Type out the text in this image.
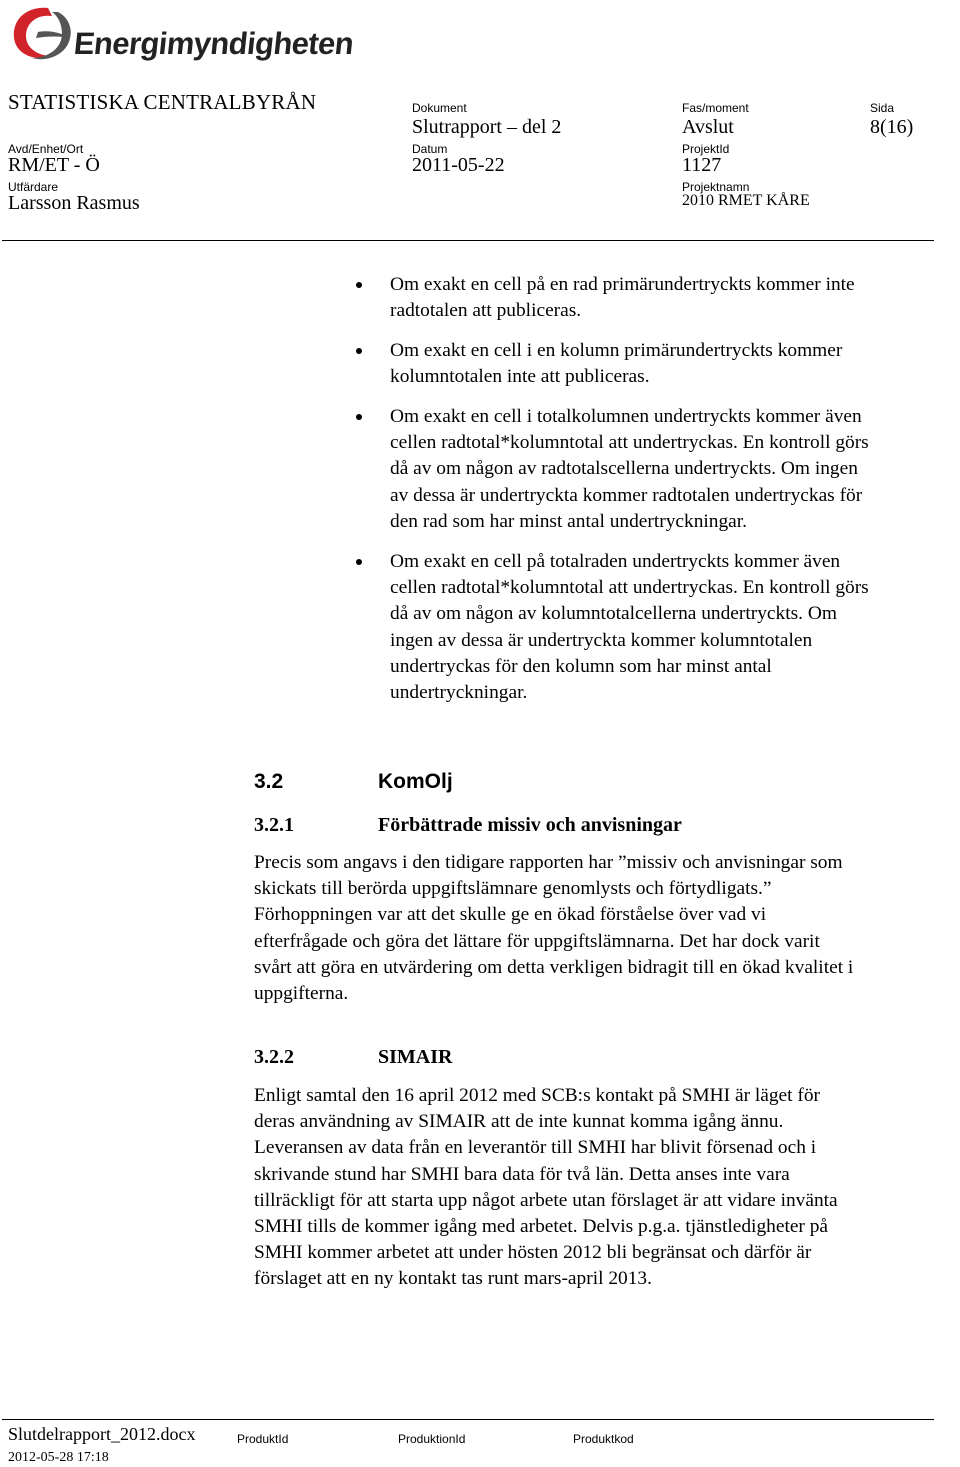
Energimyndigheten
STATISTISKA CENTRALBYRÅN	Dokument
Slutrapport – del 2
Fas/moment
Avslut
Sida
8(16)
Avd/Enhet/Ort
RM/ET - Ö
Datum
2011-05-22
ProjektId
1127
Utfärdare
Larsson Rasmus
Projektnamn
2010 RMET KÅRE
Om exakt en cell på en rad primärundertryckts kommer inte
radtotalen att publiceras.
Om exakt en cell i en kolumn primärundertryckts kommer
kolumntotalen inte att publiceras.
Om exakt en cell i totalkolumnen undertryckts kommer även
cellen radtotal*kolumntotal att undertryckas. En kontroll görs
då av om någon av radtotalscellerna undertryckts. Om ingen
av dessa är undertryckta kommer radtotalen undertryckas för
den rad som har minst antal undertryckningar.
Om exakt en cell på totalraden undertryckts kommer även
cellen radtotal*kolumntotal att undertryckas. En kontroll görs
då av om någon av kolumntotalcellerna undertryckts. Om
ingen av dessa är undertryckta kommer kolumntotalen
undertryckas för den kolumn som har minst antal
undertryckningar.
3.2	KomOlj
3.2.1	Förbättrade missiv och anvisningar
Precis som angavs i den tidigare rapporten har ”missiv och anvisningar som
skickats till berörda uppgiftslämnare genomlysts och förtydligats.”
Förhoppningen var att det skulle ge en ökad förståelse över vad vi
efterfrågade och göra det lättare för uppgiftslämnarna. Det har dock varit
svårt att göra en utvärdering om detta verkligen bidragit till en ökad kvalitet i
uppgifterna.
3.2.2	SIMAIR
Enligt samtal den 16 april 2012 med SCB:s kontakt på SMHI är läget för
deras användning av SIMAIR att de inte kunnat komma igång ännu.
Leveransen av data från en leverantör till SMHI har blivit försenad och i
skrivande stund har SMHI bara data för två län. Detta anses inte vara
tillräckligt för att starta upp något arbete utan förslaget är att vidare invänta
SMHI tills de kommer igång med arbetet. Delvis p.g.a. tjänstledigheter på
SMHI kommer arbetet att under hösten 2012 bli begränsat och därför är
förslaget att en ny kontakt tas runt mars-april 2013.
Slutdelrapport_2012.docx
2012-05-28 17:18
ProduktId	ProduktionId	Produktkod
